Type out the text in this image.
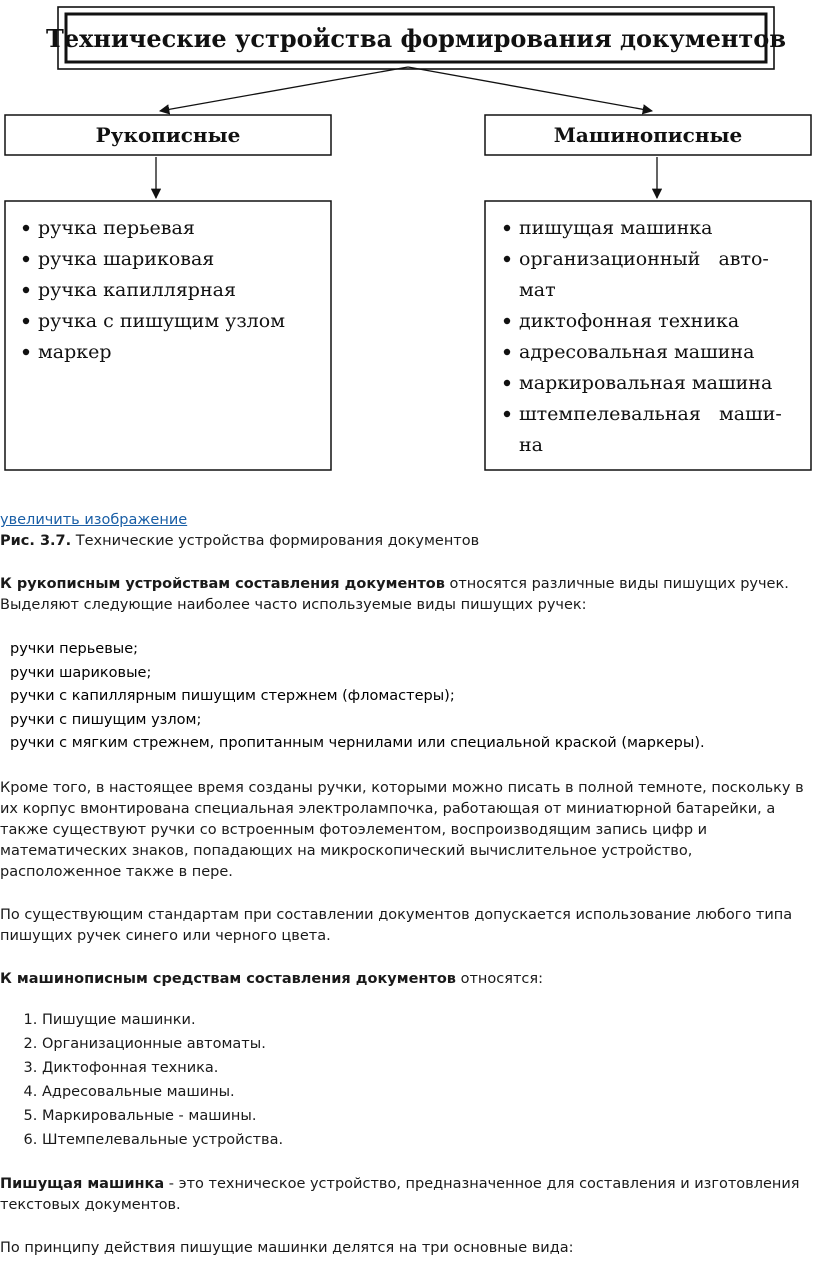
Технические устройства формирования документов
Рукописные	Машинописные
ручка перьевая
ручка шариковая
ручка капиллярная
ручка с пишущим узлом
маркер
пишущая машинка
организационный   авто-
мат
диктофонная техника
адресовальная машина
маркировальная машина
штемпелевальная   маши-
на
увеличить изображение

Рис. 3.7. Технические устройства формирования документов

К рукописным устройствам составления документов относятся различные виды пишущих ручек. Выделяют следующие наиболее часто используемые виды пишущих ручек:

ручки перьевые;
ручки шариковые;
ручки с капиллярным пишущим стержнем (фломастеры);
ручки с пишущим узлом;
ручки с мягким стрежнем, пропитанным чернилами или специальной краской (маркеры).

Кроме того, в настоящее время созданы ручки, которыми можно писать в полной темноте, поскольку в их корпус вмонтирована специальная электролампочка, работающая от миниатюрной батарейки, а также существуют ручки со встроенным фотоэлементом, воспроизводящим запись цифр и математических знаков, попадающих на микроскопический вычислительное устройство, расположенное также в пере.

По существующим стандартам при составлении документов допускается использование любого типа пишущих ручек синего или черного цвета.

К машинописным средствам составления документов относятся:

1. Пишущие машинки.
2. Организационные автоматы.
3. Диктофонная техника.
4. Адресовальные машины.
5. Маркировальные - машины.
6. Штемпелевальные устройства.

Пишущая машинка - это техническое устройство, предназначенное для составления и изготовления текстовых документов.

По принципу действия пишущие машинки делятся на три основные вида:
